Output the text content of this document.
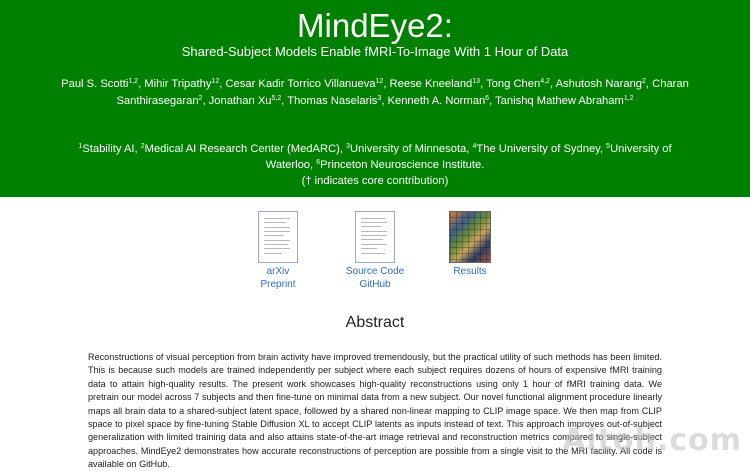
MindEye2:
Shared-Subject Models Enable fMRI-To-Image With 1 Hour of Data
Paul S. Scotti$^{1,2}$, Mihir Tripathy$^{12}$, Cesar Kadir Torrico Villanueva$^{12}$, Reese Kneeland$^{13}$, Tong Chen$^{4,2}$, Ashutosh Narang$^2$, Charan Santhirasegaran$^2$, Jonathan Xu$^{5,2}$, Thomas Naselaris$^3$, Kenneth A. Norman$^6$, Tanishq Mathew Abraham$^{1,2}$
$^1$Stability AI, $^2$Medical AI Research Center (MedARC), $^3$University of Minnesota, $^4$The University of Sydney, $^5$University of Waterloo, $^6$Princeton Neuroscience Institute.
(† indicates core contribution)
arXiv
Preprint
Source Code
GitHub
Results
Abstract
Reconstructions of visual perception from brain activity have improved tremendously, but the practical utility of such methods has been limited. This is because such models are trained independently per subject where each subject requires dozens of hours of expensive fMRI training data to attain high-quality results. The present work showcases high-quality reconstructions using only 1 hour of fMRI training data. We pretrain our model across 7 subjects and then fine-tune on minimal data from a new subject. Our novel functional alignment procedure linearly maps all brain data to a shared-subject latent space, followed by a shared non-linear mapping to CLIP image space. We then map from CLIP space to pixel space by fine-tuning Stable Diffusion XL to accept CLIP latents as inputs instead of text. This approach improves out-of-subject generalization with limited training data and also attains state-of-the-art image retrieval and reconstruction metrics compared to single-subject approaches. MindEye2 demonstrates how accurate reconstructions of perception are possible from a single visit to the MRI facility. All code is available on GitHub.
Aitoh.com
